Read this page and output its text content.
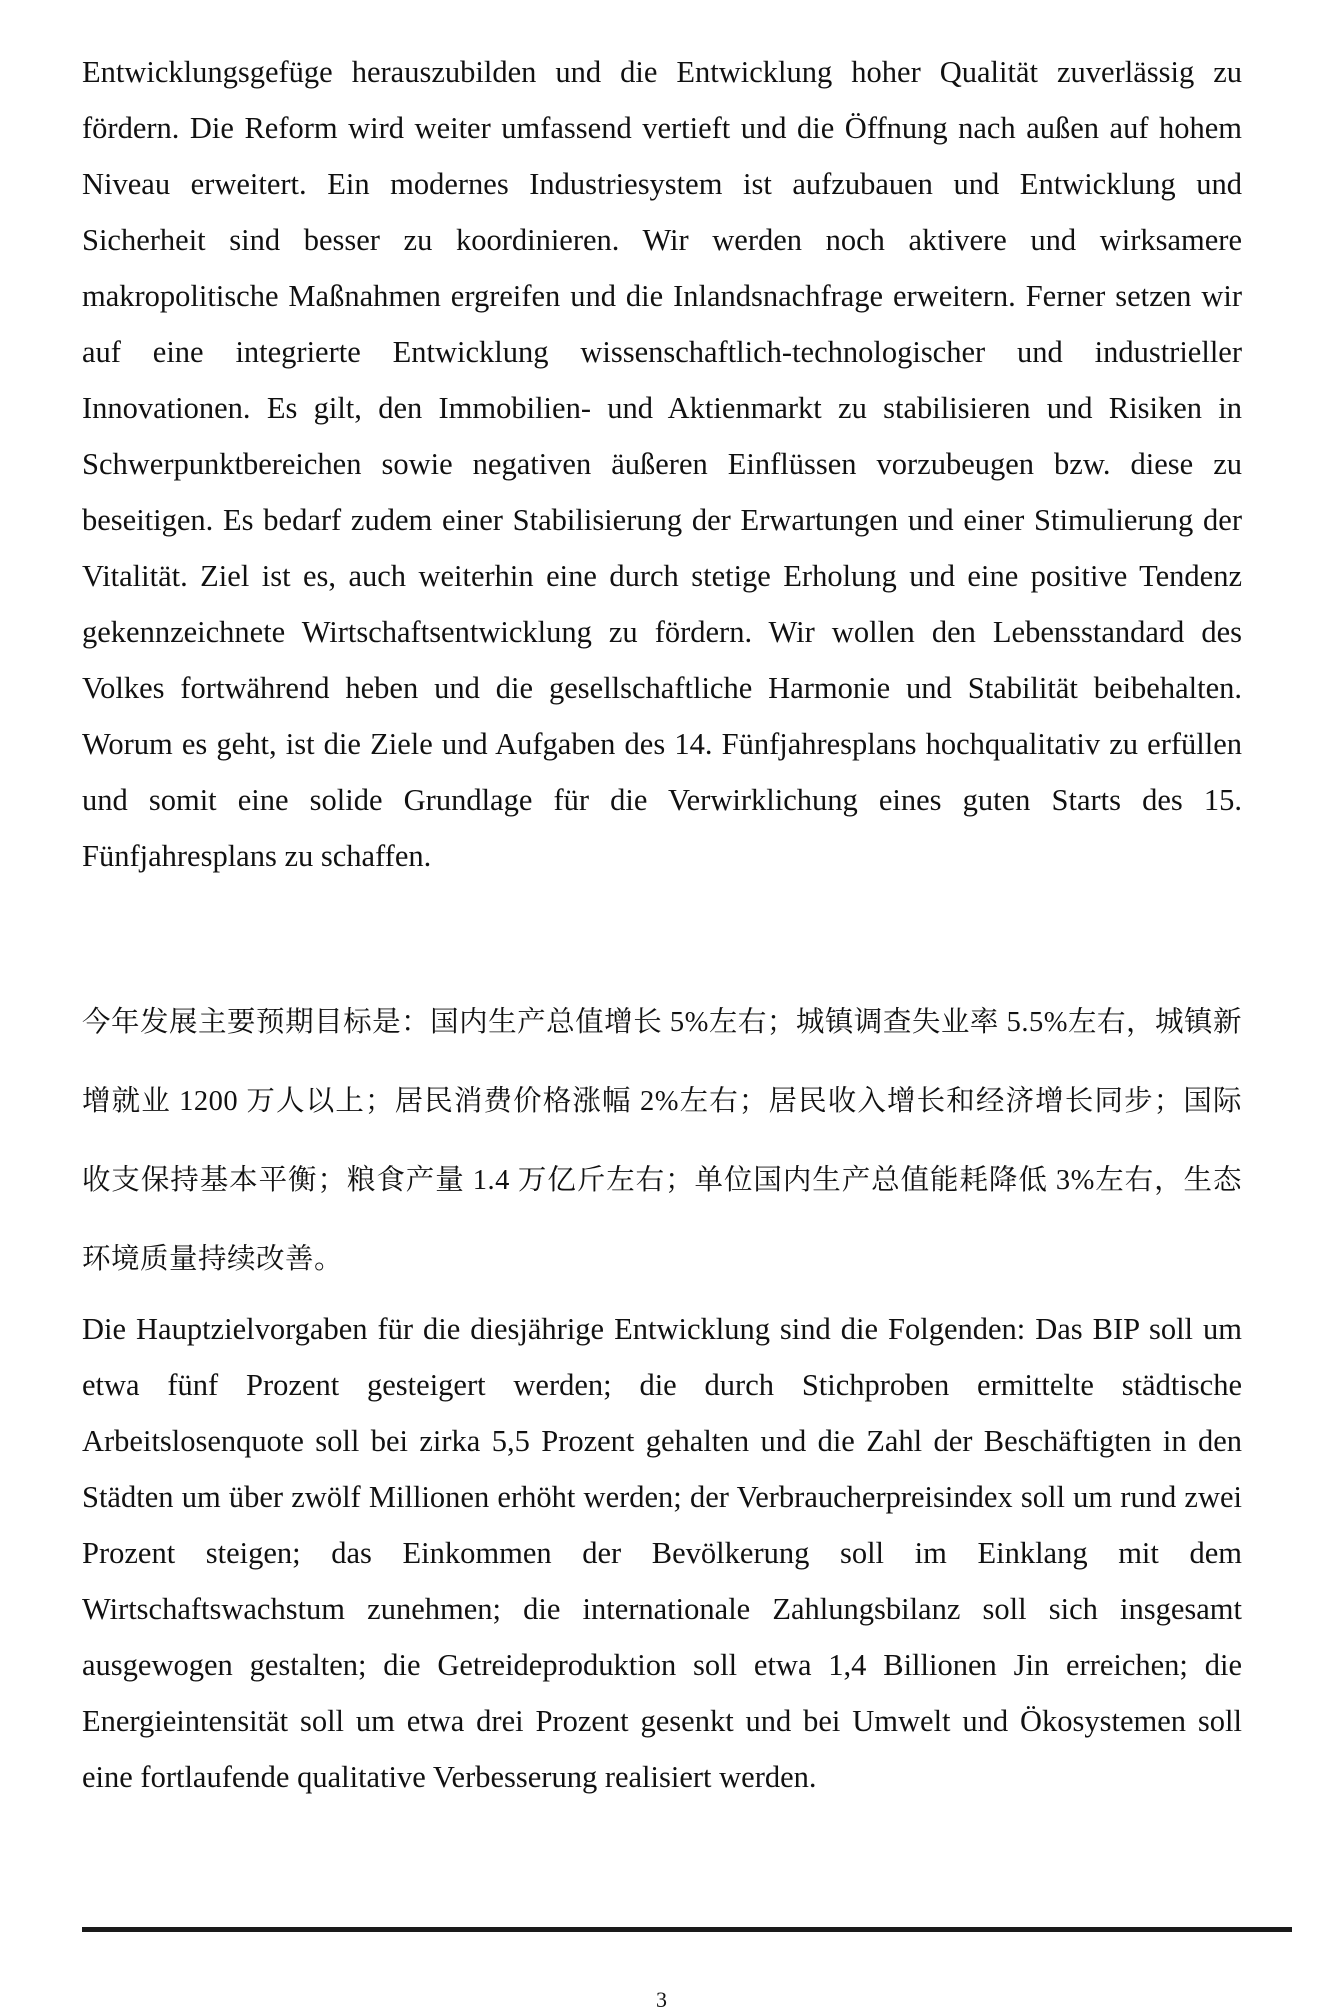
Entwicklungsgefüge herauszubilden und die Entwicklung hoher Qualität zuverlässig zu fördern. Die Reform wird weiter umfassend vertieft und die Öffnung nach außen auf hohem Niveau erweitert. Ein modernes Industriesystem ist aufzubauen und Entwicklung und Sicherheit sind besser zu koordinieren. Wir werden noch aktivere und wirksamere makropolitische Maßnahmen ergreifen und die Inlandsnachfrage erweitern. Ferner setzen wir auf eine integrierte Entwicklung wissenschaftlich-technologischer und industrieller Innovationen. Es gilt, den Immobilien- und Aktienmarkt zu stabilisieren und Risiken in Schwerpunktbereichen sowie negativen äußeren Einflüssen vorzubeugen bzw. diese zu beseitigen. Es bedarf zudem einer Stabilisierung der Erwartungen und einer Stimulierung der Vitalität. Ziel ist es, auch weiterhin eine durch stetige Erholung und eine positive Tendenz gekennzeichnete Wirtschaftsentwicklung zu fördern. Wir wollen den Lebensstandard des Volkes fortwährend heben und die gesellschaftliche Harmonie und Stabilität beibehalten. Worum es geht, ist die Ziele und Aufgaben des 14. Fünfjahresplans hochqualitativ zu erfüllen und somit eine solide Grundlage für die Verwirklichung eines guten Starts des 15. Fünfjahresplans zu schaffen.

今年发展主要预期目标是：国内生产总值增长 5%左右；城镇调查失业率 5.5%左右，城镇新增就业 1200 万人以上；居民消费价格涨幅 2%左右；居民收入增长和经济增长同步；国际收支保持基本平衡；粮食产量 1.4 万亿斤左右；单位国内生产总值能耗降低 3%左右，生态环境质量持续改善。

Die Hauptzielvorgaben für die diesjährige Entwicklung sind die Folgenden: Das BIP soll um etwa fünf Prozent gesteigert werden; die durch Stichproben ermittelte städtische Arbeitslosenquote soll bei zirka 5,5 Prozent gehalten und die Zahl der Beschäftigten in den Städten um über zwölf Millionen erhöht werden; der Verbraucherpreisindex soll um rund zwei Prozent steigen; das Einkommen der Bevölkerung soll im Einklang mit dem Wirtschaftswachstum zunehmen; die internationale Zahlungsbilanz soll sich insgesamt ausgewogen gestalten; die Getreideproduktion soll etwa 1,4 Billionen Jin erreichen; die Energieintensität soll um etwa drei Prozent gesenkt und bei Umwelt und Ökosystemen soll eine fortlaufende qualitative Verbesserung realisiert werden.

3
